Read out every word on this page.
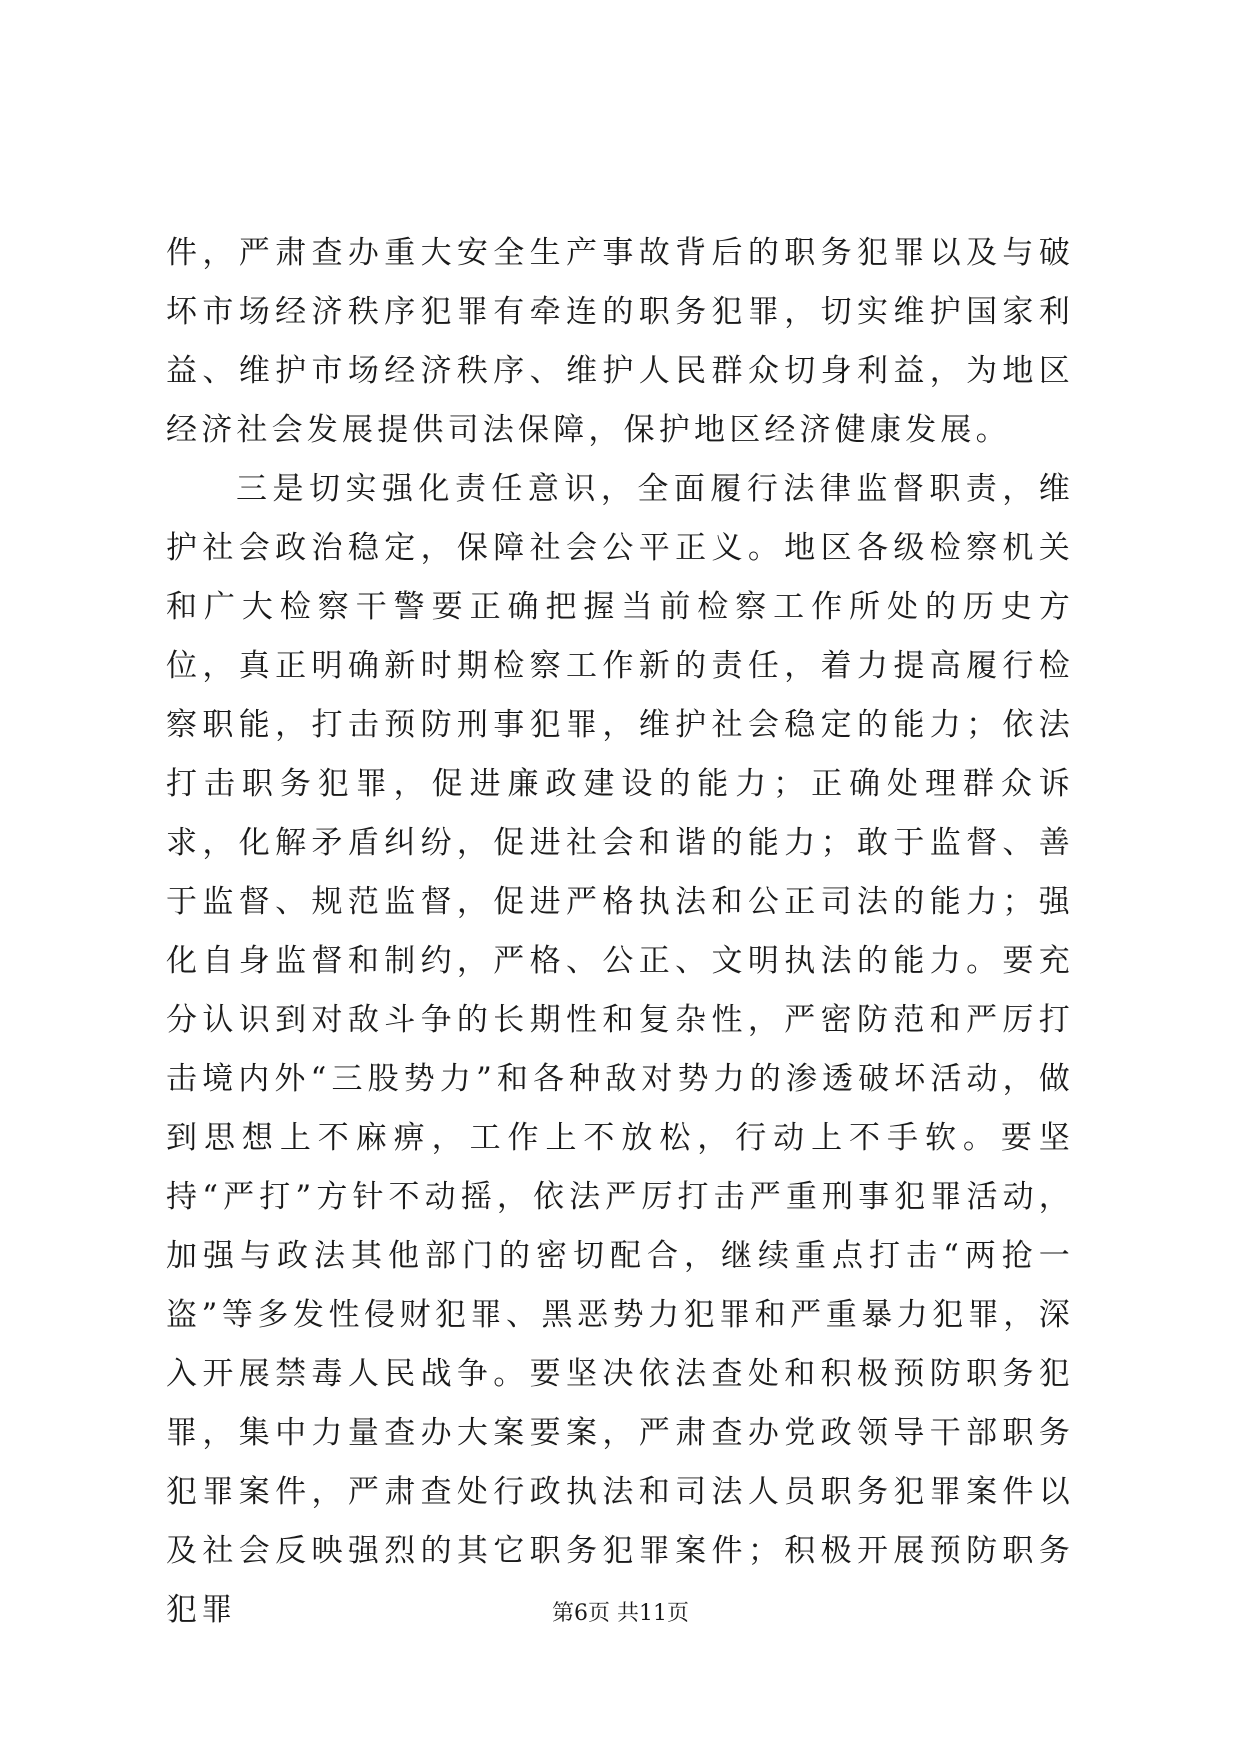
件，严肃查办重大安全生产事故背后的职务犯罪以及与破坏市场经济秩序犯罪有牵连的职务犯罪，切实维护国家利益、维护市场经济秩序、维护人民群众切身利益，为地区经济社会发展提供司法保障，保护地区经济健康发展。

三是切实强化责任意识，全面履行法律监督职责，维护社会政治稳定，保障社会公平正义。地区各级检察机关和广大检察干警要正确把握当前检察工作所处的历史方位，真正明确新时期检察工作新的责任，着力提高履行检察职能，打击预防刑事犯罪，维护社会稳定的能力；依法打击职务犯罪，促进廉政建设的能力；正确处理群众诉求，化解矛盾纠纷，促进社会和谐的能力；敢于监督、善于监督、规范监督，促进严格执法和公正司法的能力；强化自身监督和制约，严格、公正、文明执法的能力。要充分认识到对敌斗争的长期性和复杂性，严密防范和严厉打击境内外“三股势力”和各种敌对势力的渗透破坏活动，做到思想上不麻痹，工作上不放松，行动上不手软。要坚持“严打”方针不动摇，依法严厉打击严重刑事犯罪活动，加强与政法其他部门的密切配合，继续重点打击“两抢一盗”等多发性侵财犯罪、黑恶势力犯罪和严重暴力犯罪，深入开展禁毒人民战争。要坚决依法查处和积极预防职务犯罪，集中力量查办大案要案，严肃查办党政领导干部职务犯罪案件，严肃查处行政执法和司法人员职务犯罪案件以及社会反映强烈的其它职务犯罪案件；积极开展预防职务犯罪	第6页 共11页
